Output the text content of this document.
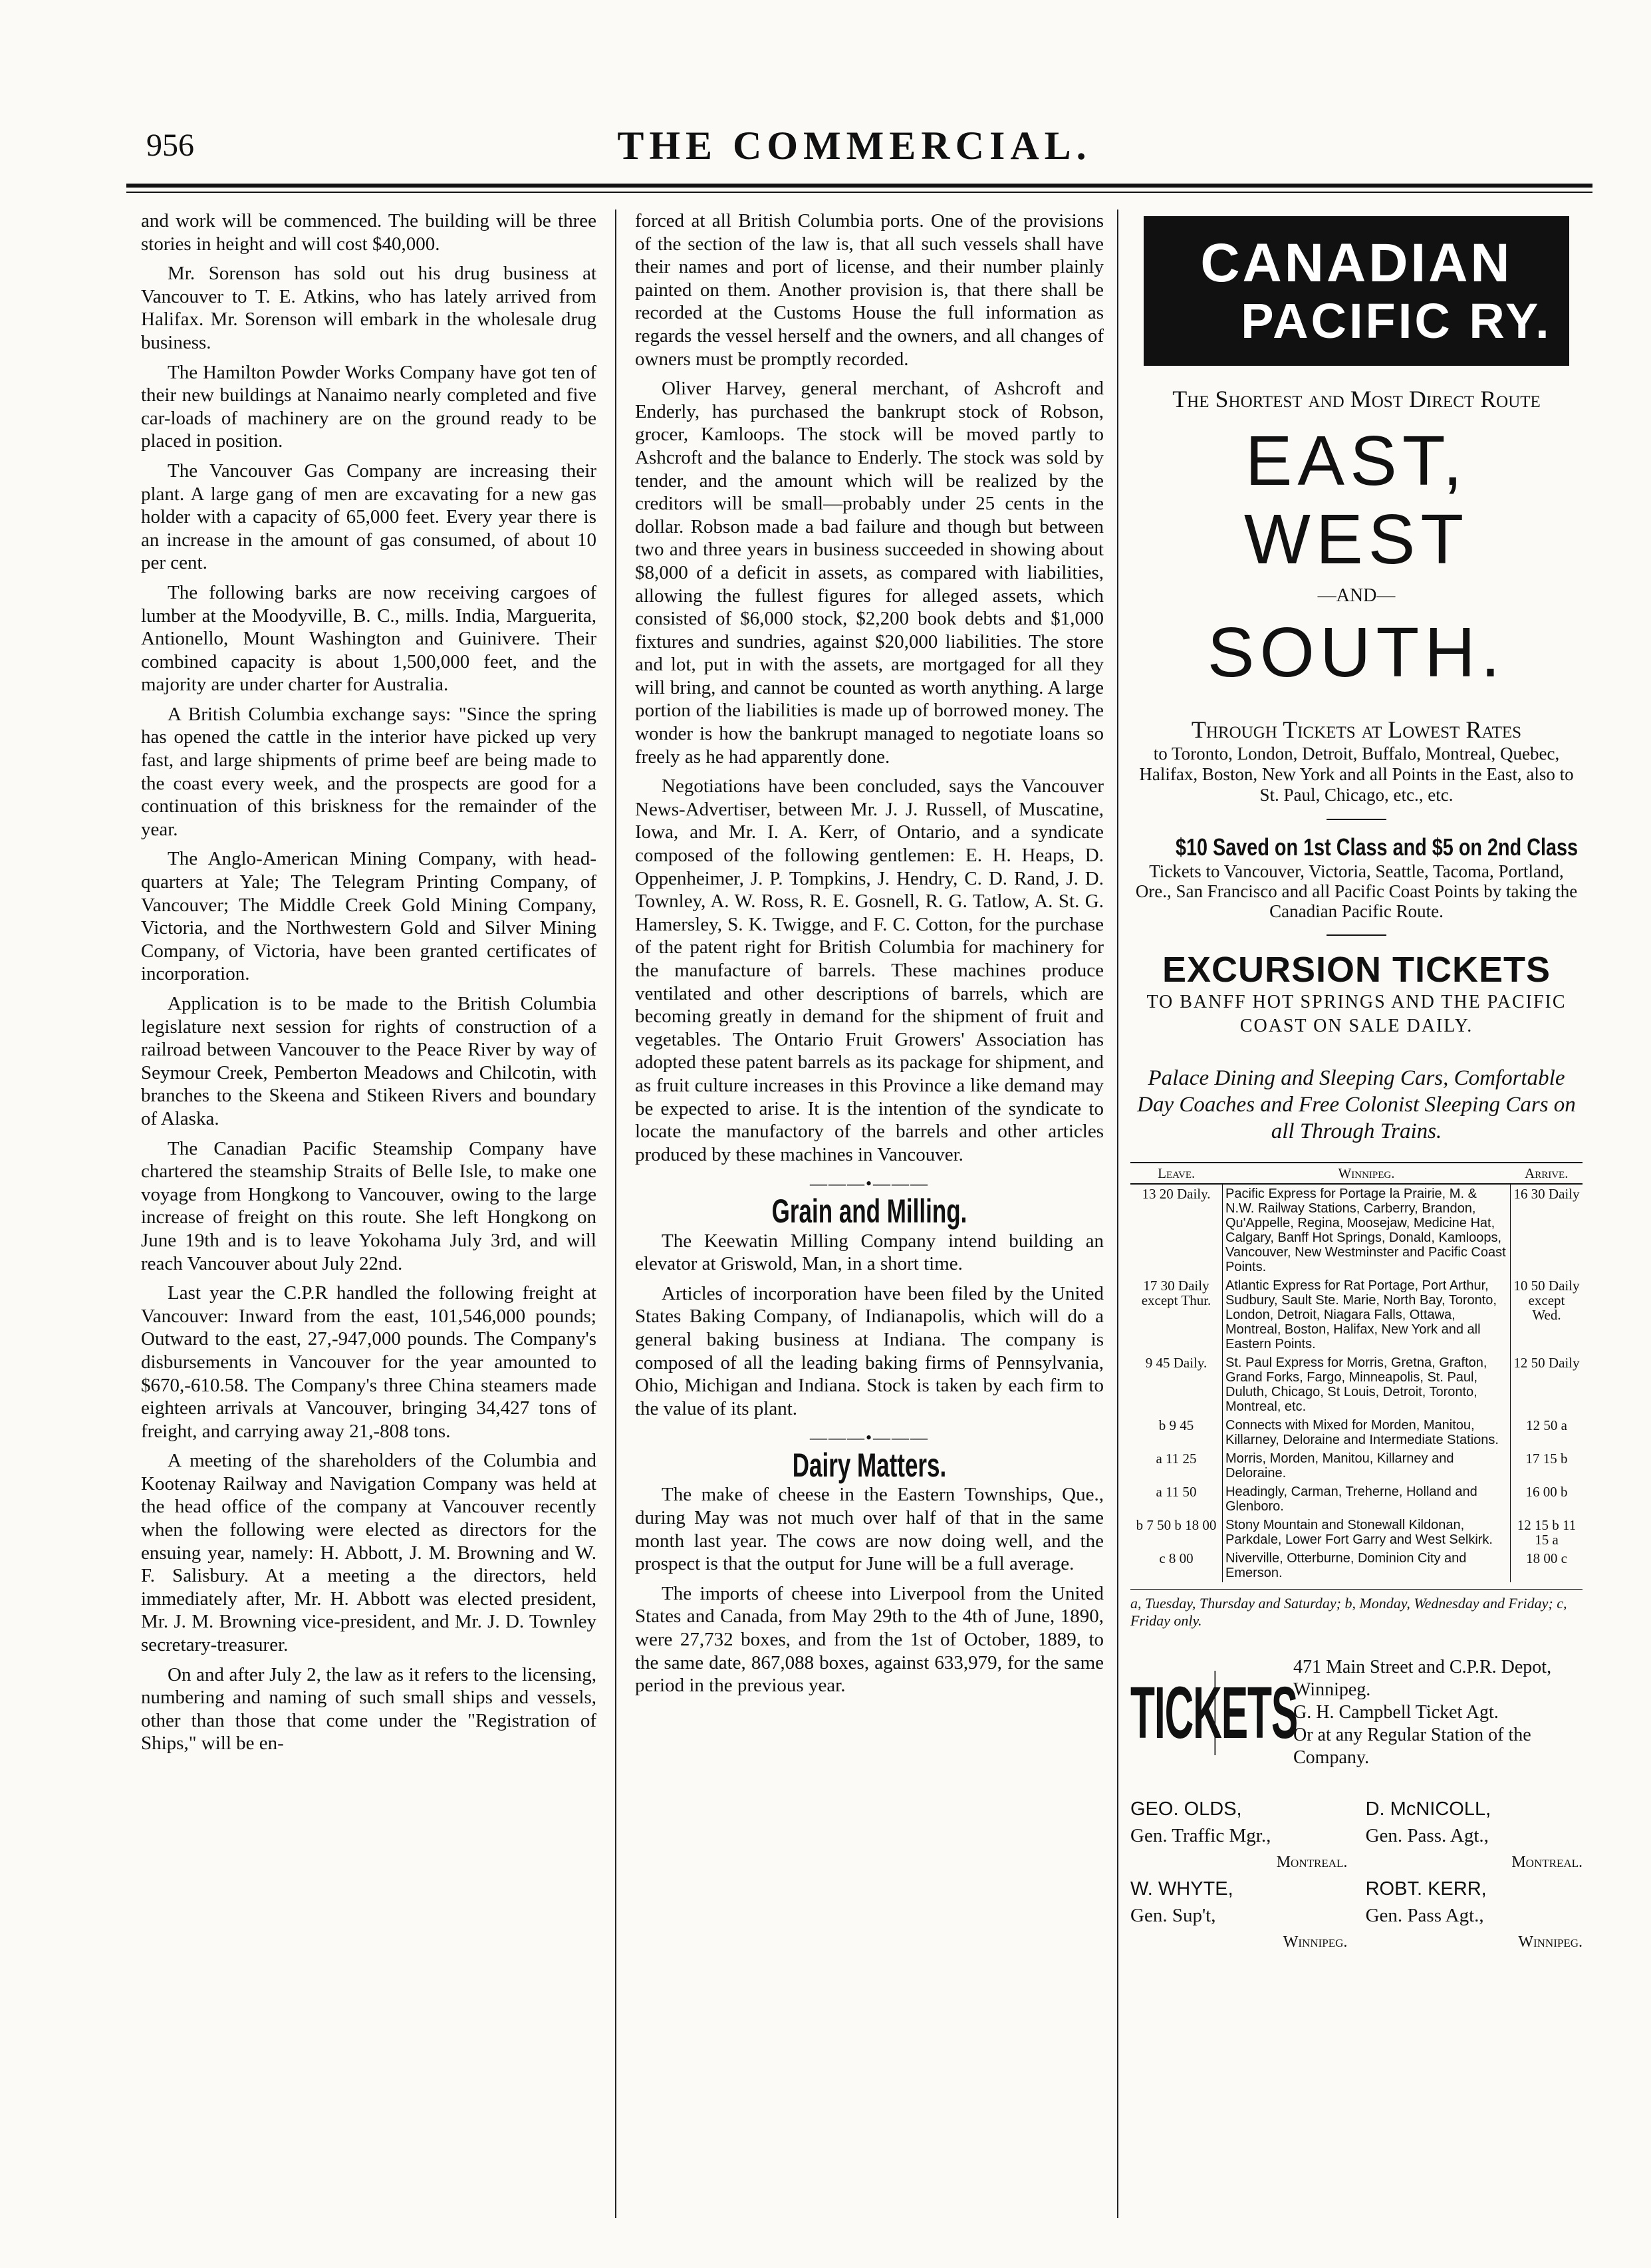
956	THE COMMERCIAL.

and work will be commenced. The building will be three stories in height and will cost $40,000.

Mr. Sorenson has sold out his drug business at Vancouver to T. E. Atkins, who has lately arrived from Halifax. Mr. Sorenson will embark in the wholesale drug business.

The Hamilton Powder Works Company have got ten of their new buildings at Nanaimo nearly completed and five car-loads of machinery are on the ground ready to be placed in position.

The Vancouver Gas Company are increasing their plant. A large gang of men are excavating for a new gas holder with a capacity of 65,000 feet. Every year there is an increase in the amount of gas consumed, of about 10 per cent.

The following barks are now receiving cargoes of lumber at the Moodyville, B. C., mills. India, Marguerita, Antionello, Mount Washington and Guinivere. Their combined capacity is about 1,500,000 feet, and the majority are under charter for Australia.

A British Columbia exchange says: "Since the spring has opened the cattle in the interior have picked up very fast, and large shipments of prime beef are being made to the coast every week, and the prospects are good for a continuation of this briskness for the remainder of the year.

The Anglo-American Mining Company, with head-quarters at Yale; The Telegram Printing Company, of Vancouver; The Middle Creek Gold Mining Company, Victoria, and the Northwestern Gold and Silver Mining Company, of Victoria, have been granted certificates of incorporation.

Application is to be made to the British Columbia legislature next session for rights of construction of a railroad between Vancouver to the Peace River by way of Seymour Creek, Pemberton Meadows and Chilcotin, with branches to the Skeena and Stikeen Rivers and boundary of Alaska.

The Canadian Pacific Steamship Company have chartered the steamship Straits of Belle Isle, to make one voyage from Hongkong to Vancouver, owing to the large increase of freight on this route. She left Hongkong on June 19th and is to leave Yokohama July 3rd, and will reach Vancouver about July 22nd.

Last year the C.P.R handled the following freight at Vancouver: Inward from the east, 101,546,000 pounds; Outward to the east, 27,-947,000 pounds. The Company's disbursements in Vancouver for the year amounted to $670,-610.58. The Company's three China steamers made eighteen arrivals at Vancouver, bringing 34,427 tons of freight, and carrying away 21,-808 tons.

A meeting of the shareholders of the Columbia and Kootenay Railway and Navigation Company was held at the head office of the company at Vancouver recently when the following were elected as directors for the ensuing year, namely: H. Abbott, J. M. Browning and W. F. Salisbury. At a meeting a the directors, held immediately after, Mr. H. Abbott was elected president, Mr. J. M. Browning vice-president, and Mr. J. D. Townley secretary-treasurer.

On and after July 2, the law as it refers to the licensing, numbering and naming of such small ships and vessels, other than those that come under the "Registration of Ships," will be en-

forced at all British Columbia ports. One of the provisions of the section of the law is, that all such vessels shall have their names and port of license, and their number plainly painted on them. Another provision is, that there shall be recorded at the Customs House the full information as regards the vessel herself and the owners, and all changes of owners must be promptly recorded.

Oliver Harvey, general merchant, of Ashcroft and Enderly, has purchased the bankrupt stock of Robson, grocer, Kamloops. The stock will be moved partly to Ashcroft and the balance to Enderly. The stock was sold by tender, and the amount which will be realized by the creditors will be small—probably under 25 cents in the dollar. Robson made a bad failure and though but between two and three years in business succeeded in showing about $8,000 of a deficit in assets, as compared with liabilities, allowing the fullest figures for alleged assets, which consisted of $6,000 stock, $2,200 book debts and $1,000 fixtures and sundries, against $20,000 liabilities. The store and lot, put in with the assets, are mortgaged for all they will bring, and cannot be counted as worth anything. A large portion of the liabilities is made up of borrowed money. The wonder is how the bankrupt managed to negotiate loans so freely as he had apparently done.

Negotiations have been concluded, says the Vancouver News-Advertiser, between Mr. J. J. Russell, of Muscatine, Iowa, and Mr. I. A. Kerr, of Ontario, and a syndicate composed of the following gentlemen: E. H. Heaps, D. Oppenheimer, J. P. Tompkins, J. Hendry, C. D. Rand, J. D. Townley, A. W. Ross, R. E. Gosnell, R. G. Tatlow, A. St. G. Hamersley, S. K. Twigge, and F. C. Cotton, for the purchase of the patent right for British Columbia for machinery for the manufacture of barrels. These machines produce ventilated and other descriptions of barrels, which are becoming greatly in demand for the shipment of fruit and vegetables. The Ontario Fruit Growers' Association has adopted these patent barrels as its package for shipment, and as fruit culture increases in this Province a like demand may be expected to arise. It is the intention of the syndicate to locate the manufactory of the barrels and other articles produced by these machines in Vancouver.

———•———
Grain and Milling.

The Keewatin Milling Company intend building an elevator at Griswold, Man, in a short time.

Articles of incorporation have been filed by the United States Baking Company, of Indianapolis, which will do a general baking business at Indiana. The company is composed of all the leading baking firms of Pennsylvania, Ohio, Michigan and Indiana. Stock is taken by each firm to the value of its plant.

———•———
Dairy Matters.

The make of cheese in the Eastern Townships, Que., during May was not much over half of that in the same month last year. The cows are now doing well, and the prospect is that the output for June will be a full average.

The imports of cheese into Liverpool from the United States and Canada, from May 29th to the 4th of June, 1890, were 27,732 boxes, and from the 1st of October, 1889, to the same date, 867,088 boxes, against 633,979, for the same period in the previous year.

CANADIAN
PACIFIC RY.
The Shortest and Most Direct Route
EAST, WEST
—AND—
SOUTH.
Through Tickets at Lowest Rates
to Toronto, London, Detroit, Buffalo, Montreal, Quebec, Halifax, Boston, New York and all Points in the East, also to St. Paul, Chicago, etc., etc.
$10 Saved on 1st Class and $5 on 2nd Class
Tickets to Vancouver, Victoria, Seattle, Tacoma, Portland, Ore., San Francisco and all Pacific Coast Points by taking the Canadian Pacific Route.
EXCURSION TICKETS
TO BANFF HOT SPRINGS AND THE PACIFIC COAST ON SALE DAILY.
Palace Dining and Sleeping Cars, Comfortable Day Coaches and Free Colonist Sleeping Cars on all Through Trains.
Leave.	Winnipeg.	Arrive.
13 20 Daily.	Pacific Express for Portage la Prairie, M. & N.W. Railway Stations, Carberry, Brandon, Qu'Appelle, Regina, Moosejaw, Medicine Hat, Calgary, Banff Hot Springs, Donald, Kamloops, Vancouver, New Westminster and Pacific Coast Points.	16 30 Daily
17 30 Daily except Thur.	Atlantic Express for Rat Portage, Port Arthur, Sudbury, Sault Ste. Marie, North Bay, Toronto, London, Detroit, Niagara Falls, Ottawa, Montreal, Boston, Halifax, New York and all Eastern Points.	10 50 Daily except Wed.
9 45 Daily.	St. Paul Express for Morris, Gretna, Grafton, Grand Forks, Fargo, Minneapolis, St. Paul, Duluth, Chicago, St Louis, Detroit, Toronto, Montreal, etc.	12 50 Daily
b 9 45	Connects with Mixed for Morden, Manitou, Killarney, Deloraine and Intermediate Stations.	12 50 a
a 11 25	Morris, Morden, Manitou, Killarney and Deloraine.	17 15 b
a 11 50	Headingly, Carman, Treherne, Holland and Glenboro.	16 00 b
b 7 50 b 18 00	Stony Mountain and Stonewall Kildonan, Parkdale, Lower Fort Garry and West Selkirk.	12 15 b 11 15 a
c 8 00	Niverville, Otterburne, Dominion City and Emerson.	18 00 c
a, Tuesday, Thursday and Saturday; b, Monday, Wednesday and Friday; c, Friday only.
TICKETS
471 Main Street and C.P.R. Depot, Winnipeg.
G. H. Campbell Ticket Agt.
Or at any Regular Station of the Company.
GEO. OLDS,
Gen. Traffic Mgr.,
Montreal.
D. McNICOLL,
Gen. Pass. Agt.,
Montreal.
W. WHYTE,
Gen. Sup't,
Winnipeg.
ROBT. KERR,
Gen. Pass Agt.,
Winnipeg.
